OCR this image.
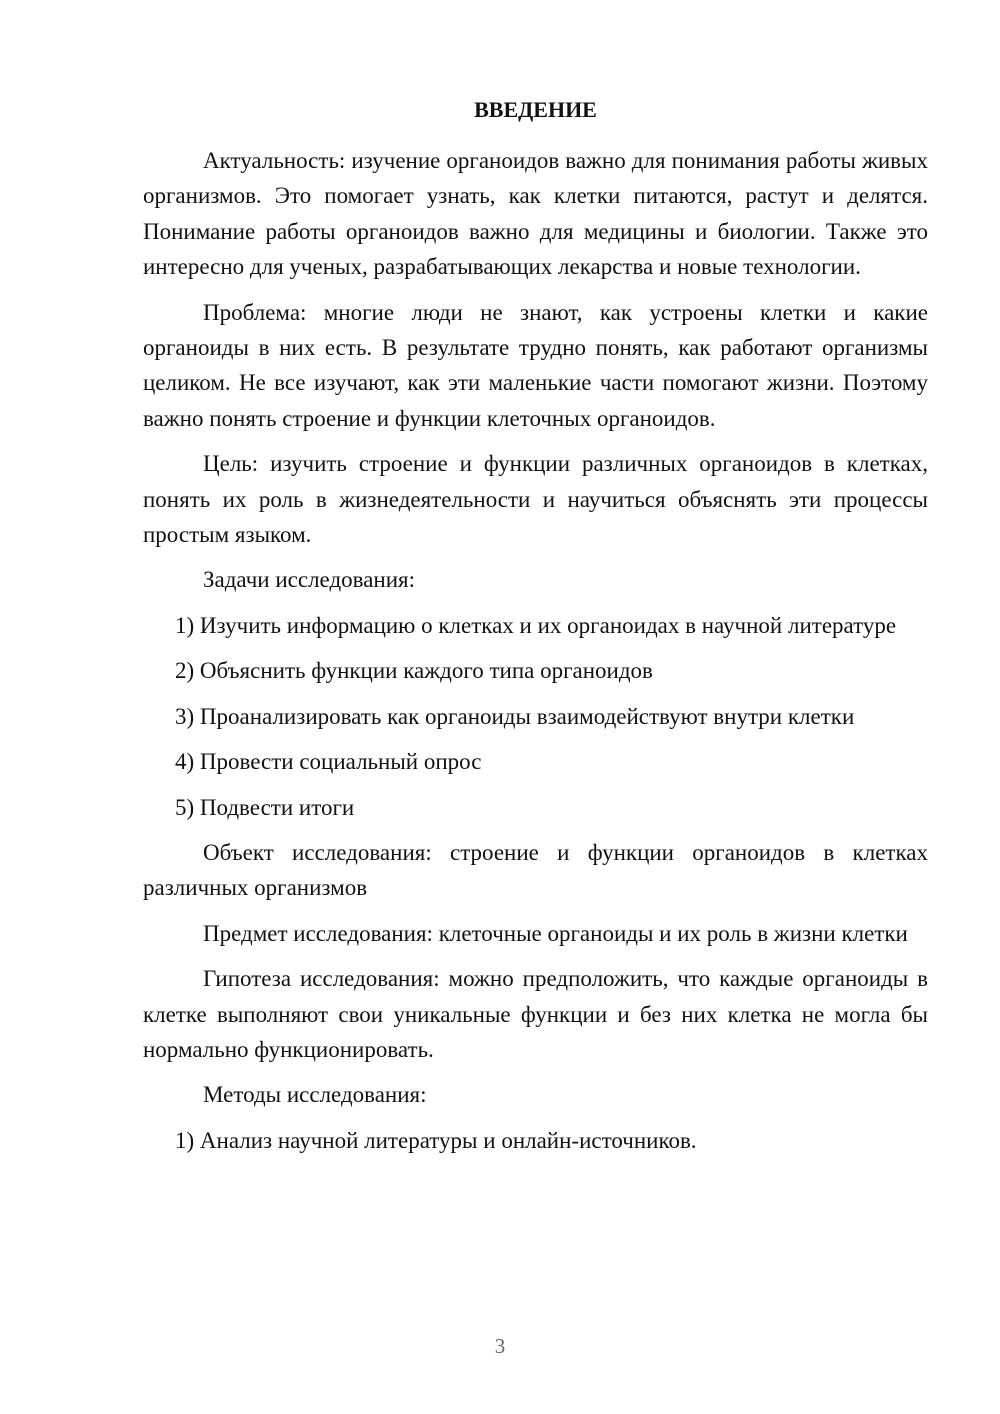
ВВЕДЕНИЕ

Актуальность: изучение органоидов важно для понимания работы живых организмов. Это помогает узнать, как клетки питаются, растут и делятся. Понимание работы органоидов важно для медицины и биологии. Также это интересно для ученых, разрабатывающих лекарства и новые технологии.

Проблема: многие люди не знают, как устроены клетки и какие органоиды в них есть. В результате трудно понять, как работают организмы целиком. Не все изучают, как эти маленькие части помогают жизни. Поэтому важно понять строение и функции клеточных органоидов.

Цель: изучить строение и функции различных органоидов в клетках, понять их роль в жизнедеятельности и научиться объяснять эти процессы простым языком.

Задачи исследования:

1) Изучить информацию о клетках и их органоидах в научной литературе

2) Объяснить функции каждого типа органоидов

3) Проанализировать как органоиды взаимодействуют внутри клетки

4) Провести социальный опрос

5) Подвести итоги

Объект исследования: строение и функции органоидов в клетках различных организмов

Предмет исследования: клеточные органоиды и их роль в жизни клетки

Гипотеза исследования: можно предположить, что каждые органоиды в клетке выполняют свои уникальные функции и без них клетка не могла бы нормально функционировать.

Методы исследования:

1) Анализ научной литературы и онлайн-источников.

3
